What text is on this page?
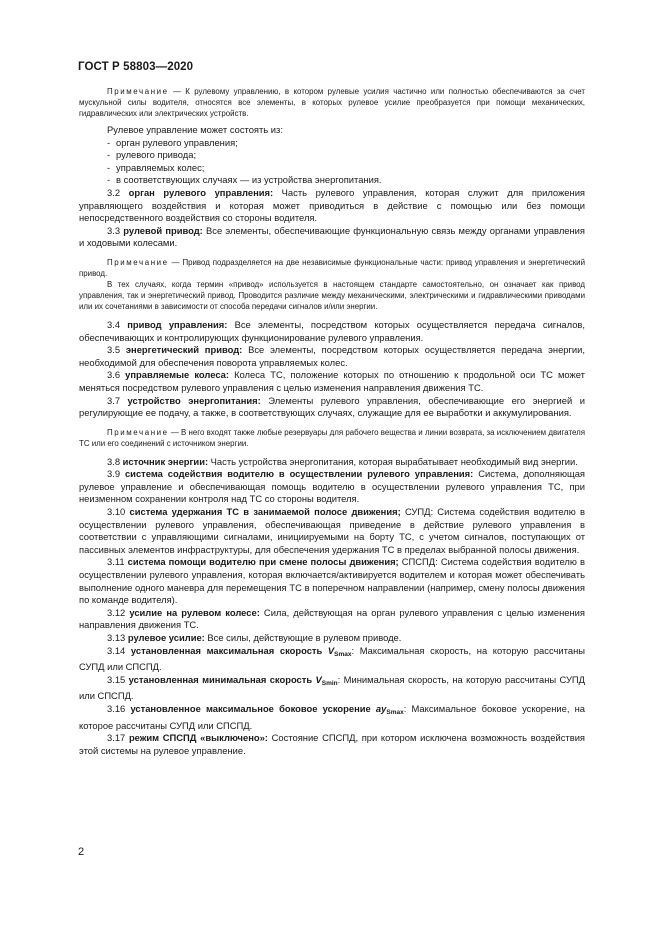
ГОСТ Р 58803—2020

Примечание — К рулевому управлению, в котором рулевые усилия частично или полностью обеспечиваются за счет мускульной силы водителя, относятся все элементы, в которых рулевое усилие преобразуется при помощи механических, гидравлических или электрических устройств.

Рулевое управление может состоять из:

- орган рулевого управления;
- рулевого привода;
- управляемых колес;
- в соответствующих случаях — из устройства энергопитания.

3.2 орган рулевого управления: Часть рулевого управления, которая служит для приложения управляющего воздействия и которая может приводиться в действие с помощью или без помощи непосредственного воздействия со стороны водителя.

3.3 рулевой привод: Все элементы, обеспечивающие функциональную связь между органами управления и ходовыми колесами.

Примечание — Привод подразделяется на две независимые функциональные части: привод управления и энергетический привод.

В тех случаях, когда термин «привод» используется в настоящем стандарте самостоятельно, он означает как привод управления, так и энергетический привод. Проводится различие между механическими, электрическими и гидравлическими приводами или их сочетаниями в зависимости от способа передачи сигналов и/или энергии.

3.4 привод управления: Все элементы, посредством которых осуществляется передача сигналов, обеспечивающих и контролирующих функционирование рулевого управления.

3.5 энергетический привод: Все элементы, посредством которых осуществляется передача энергии, необходимой для обеспечения поворота управляемых колес.

3.6 управляемые колеса: Колеса ТС, положение которых по отношению к продольной оси ТС может меняться посредством рулевого управления с целью изменения направления движения ТС.

3.7 устройство энергопитания: Элементы рулевого управления, обеспечивающие его энергией и регулирующие ее подачу, а также, в соответствующих случаях, служащие для ее выработки и аккумулирования.

Примечание — В него входят также любые резервуары для рабочего вещества и линии возврата, за исключением двигателя ТС или его соединений с источником энергии.

3.8 источник энергии: Часть устройства энергопитания, которая вырабатывает необходимый вид энергии.

3.9 система содействия водителю в осуществлении рулевого управления: Система, дополняющая рулевое управление и обеспечивающая помощь водителю в осуществлении рулевого управления ТС, при неизменном сохранении контроля над ТС со стороны водителя.

3.10 система удержания ТС в занимаемой полосе движения; СУПД: Система содействия водителю в осуществлении рулевого управления, обеспечивающая приведение в действие рулевого управления в соответствии с управляющими сигналами, инициируемыми на борту ТС, с учетом сигналов, поступающих от пассивных элементов инфраструктуры, для обеспечения удержания ТС в пределах выбранной полосы движения.

3.11 система помощи водителю при смене полосы движения; СПСПД: Система содействия водителю в осуществлении рулевого управления, которая включается/активируется водителем и которая может обеспечивать выполнение одного маневра для перемещения ТС в поперечном направлении (например, смену полосы движения по команде водителя).

3.12 усилие на рулевом колесе: Сила, действующая на орган рулевого управления с целью изменения направления движения ТС.

3.13 рулевое усилие: Все силы, действующие в рулевом приводе.

3.14 установленная максимальная скорость $V_{Smax}$: Максимальная скорость, на которую рассчитаны СУПД или СПСПД.

3.15 установленная минимальная скорость $V_{Smin}$: Минимальная скорость, на которую рассчитаны СУПД или СПСПД.

3.16 установленное максимальное боковое ускорение $ay_{Smax}$: Максимальное боковое ускорение, на которое рассчитаны СУПД или СПСПД.

3.17 режим СПСПД «выключено»: Состояние СПСПД, при котором исключена возможность воздействия этой системы на рулевое управление.

2
